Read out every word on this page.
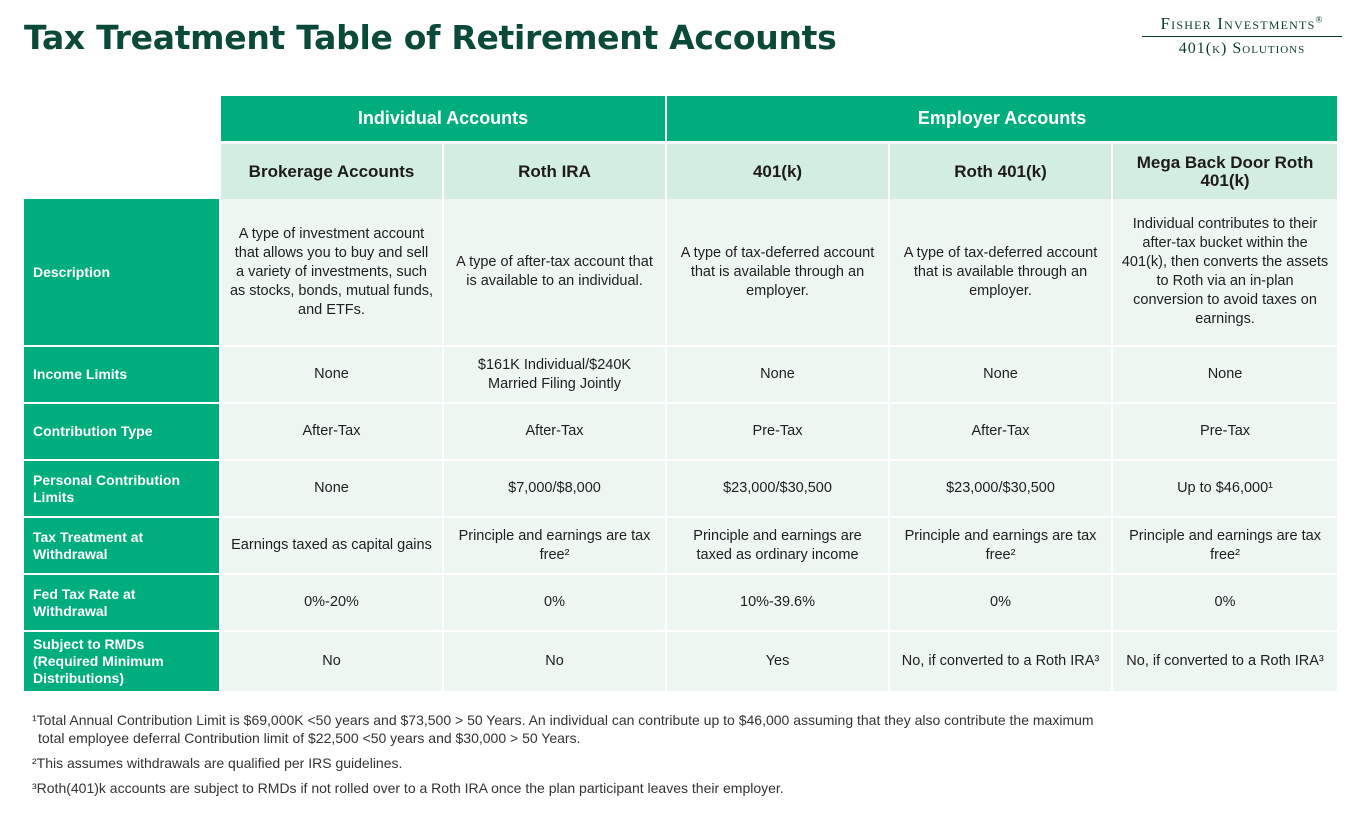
Tax Treatment Table of Retirement Accounts	Fisher Investments®
401(k) Solutions
	Individual Accounts		Employer Accounts		
	Brokerage Accounts	Roth IRA	401(k)	Roth 401(k)	Mega Back Door Roth 401(k)
Description	A type of investment account that allows you to buy and sell a variety of investments, such as stocks, bonds, mutual funds, and ETFs.	A type of after-tax account that is available to an individual.	A type of tax-deferred account that is available through an employer.	A type of tax-deferred account that is available through an employer.	Individual contributes to their after-tax bucket within the 401(k), then converts the assets to Roth via an in-plan conversion to avoid taxes on earnings.
Income Limits	None	$161K Individual/$240K Married Filing Jointly	None	None	None
Contribution Type	After-Tax	After-Tax	Pre-Tax	After-Tax	Pre-Tax
Personal Contribution Limits	None	$7,000/$8,000	$23,000/$30,500	$23,000/$30,500	Up to $46,000¹
Tax Treatment at Withdrawal	Earnings taxed as capital gains	Principle and earnings are tax free²	Principle and earnings are taxed as ordinary income	Principle and earnings are tax free²	Principle and earnings are tax free²
Fed Tax Rate at Withdrawal	0%-20%	0%	10%-39.6%	0%	0%
Subject to RMDs (Required Minimum Distributions)	No	No	Yes	No, if converted to a Roth IRA³	No, if converted to a Roth IRA³

¹Total Annual Contribution Limit is $69,000K <50 years and $73,500 > 50 Years. An individual can contribute up to $46,000 assuming that they also contribute the maximum
total employee deferral Contribution limit of $22,500 <50 years and $30,000 > 50 Years.

²This assumes withdrawals are qualified per IRS guidelines.

³Roth(401)k accounts are subject to RMDs if not rolled over to a Roth IRA once the plan participant leaves their employer.
